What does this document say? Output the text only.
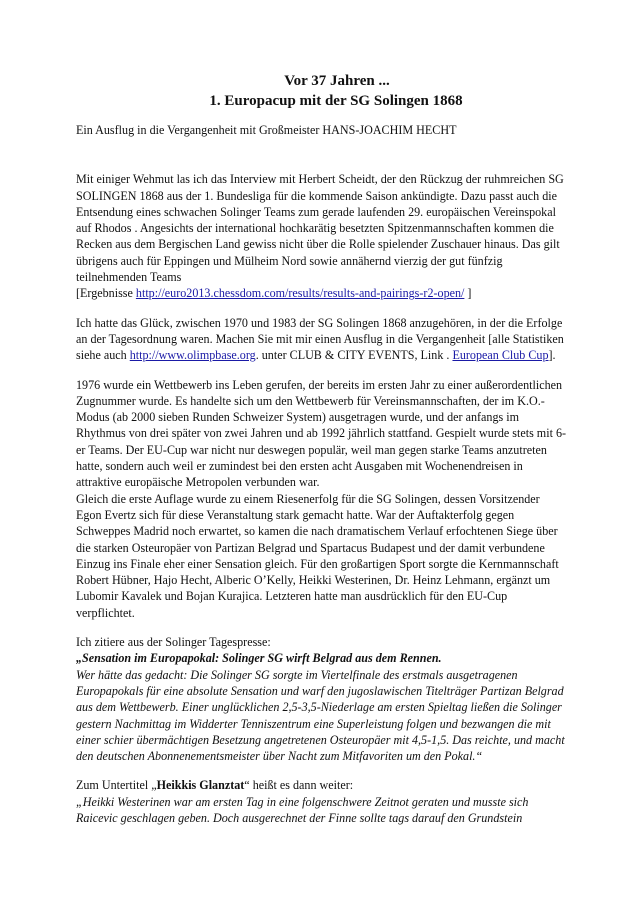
Vor 37 Jahren ...
1. Europacup mit der SG Solingen 1868

Ein Ausflug in die Vergangenheit mit Großmeister HANS-JOACHIM HECHT

Mit einiger Wehmut las ich das Interview mit Herbert Scheidt, der den Rückzug der ruhmreichen SG SOLINGEN 1868 aus der 1. Bundesliga für die kommende Saison ankündigte. Dazu passt auch die Entsendung eines schwachen Solinger Teams zum gerade laufenden 29. europäischen Vereinspokal auf Rhodos . Angesichts der international hochkarätig besetzten Spitzenmannschaften kommen die Recken aus dem Bergischen Land gewiss nicht über die Rolle spielender Zuschauer hinaus. Das gilt übrigens auch für Eppingen und Mülheim Nord sowie annähernd vierzig der gut fünfzig teilnehmenden Teams
[Ergebnisse http://euro2013.chessdom.com/results/results-and-pairings-r2-open/ ]

Ich hatte das Glück, zwischen 1970 und 1983 der SG Solingen 1868 anzugehören, in der die Erfolge an der Tagesordnung waren. Machen Sie mit mir einen Ausflug in die Vergangenheit [alle Statistiken siehe auch http://www.olimpbase.org. unter CLUB & CITY EVENTS, Link . European Club Cup].

1976 wurde ein Wettbewerb ins Leben gerufen, der bereits im ersten Jahr zu einer außerordentlichen Zugnummer wurde. Es handelte sich um den Wettbewerb für Vereinsmannschaften, der im K.O.-Modus (ab 2000 sieben Runden Schweizer System) ausgetragen wurde, und der anfangs im Rhythmus von drei später von zwei Jahren und ab 1992 jährlich stattfand. Gespielt wurde stets mit 6-er Teams. Der EU-Cup war nicht nur deswegen populär, weil man gegen starke Teams anzutreten hatte, sondern auch weil er zumindest bei den ersten acht Ausgaben mit Wochenendreisen in attraktive europäische Metropolen verbunden war.

Gleich die erste Auflage wurde zu einem Riesenerfolg für die SG Solingen, dessen Vorsitzender Egon Evertz sich für diese Veranstaltung stark gemacht hatte. War der Auftakterfolg gegen Schweppes Madrid noch erwartet, so kamen die nach dramatischem Verlauf erfochtenen Siege über die starken Osteuropäer von Partizan Belgrad und Spartacus Budapest und der damit verbundene Einzug ins Finale eher einer Sensation gleich. Für den großartigen Sport sorgte die Kernmannschaft Robert Hübner, Hajo Hecht, Alberic O’Kelly, Heikki Westerinen, Dr. Heinz Lehmann, ergänzt um Lubomir Kavalek und Bojan Kurajica. Letzteren hatte man ausdrücklich für den EU-Cup verpflichtet.

Ich zitiere aus der Solinger Tagespresse:

„Sensation im Europapokal: Solinger SG wirft Belgrad aus dem Rennen.

Wer hätte das gedacht: Die Solinger SG sorgte im Viertelfinale des erstmals ausgetragenen Europapokals für eine absolute Sensation und warf den jugoslawischen Titelträger Partizan Belgrad aus dem Wettbewerb. Einer unglücklichen 2,5-3,5-Niederlage am ersten Spieltag ließen die Solinger gestern Nachmittag im Widderter Tenniszentrum eine Superleistung folgen und bezwangen die mit einer schier übermächtigen Besetzung angetretenen Osteuropäer mit 4,5-1,5. Das reichte, und macht den deutschen Abonnenementsmeister über Nacht zum Mitfavoriten um den Pokal.“

Zum Untertitel „Heikkis Glanztat“ heißt es dann weiter:

„Heikki Westerinen war am ersten Tag in eine folgenschwere Zeitnot geraten und musste sich Raicevic geschlagen geben. Doch ausgerechnet der Finne sollte tags darauf den Grundstein
